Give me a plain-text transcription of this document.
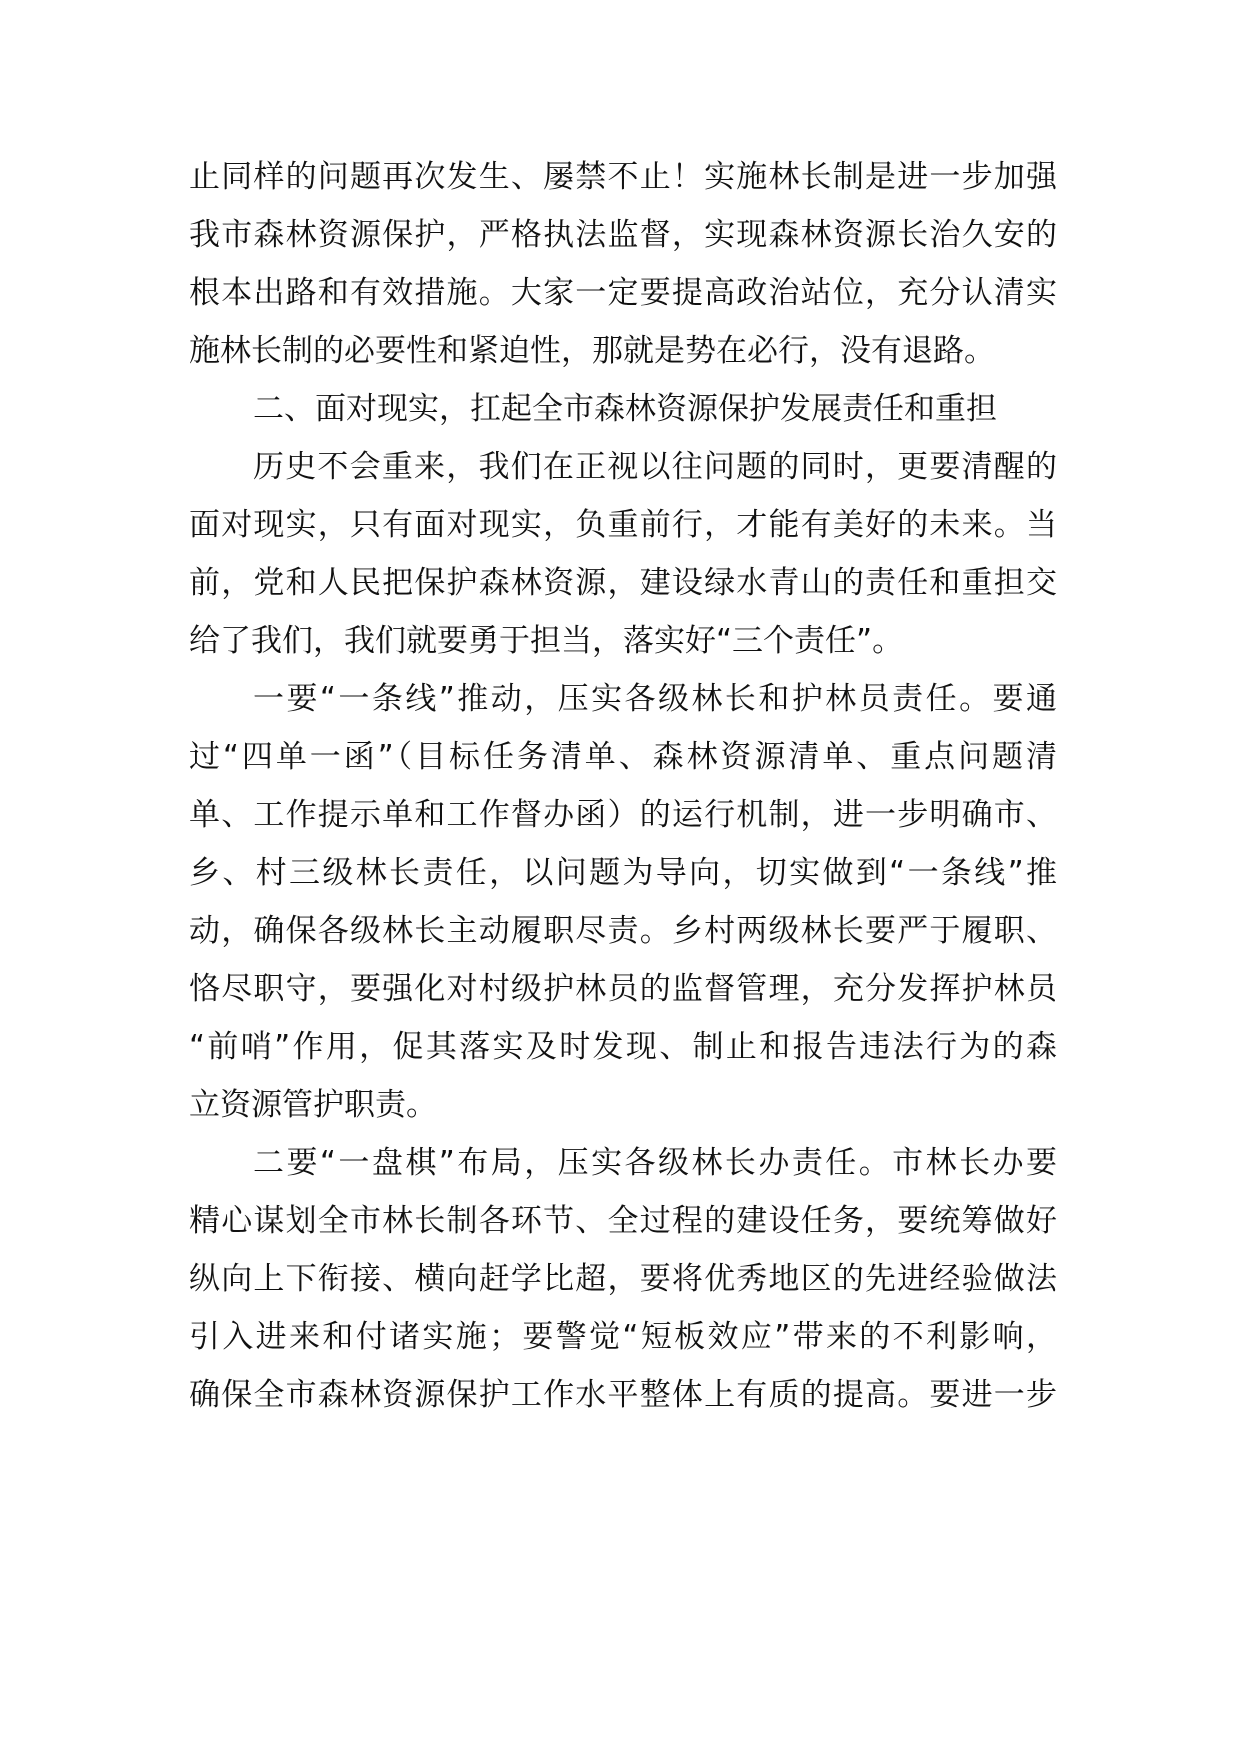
止同样的问题再次发生、屡禁不止！实施林长制是进一步加强
我市森林资源保护，严格执法监督，实现森林资源长治久安的
根本出路和有效措施。大家一定要提高政治站位，充分认清实
施林长制的必要性和紧迫性，那就是势在必行，没有退路。
二、面对现实，扛起全市森林资源保护发展责任和重担
历史不会重来，我们在正视以往问题的同时，更要清醒的
面对现实，只有面对现实，负重前行，才能有美好的未来。当
前，党和人民把保护森林资源，建设绿水青山的责任和重担交
给了我们，我们就要勇于担当，落实好“三个责任”。
一要“一条线”推动，压实各级林长和护林员责任。要通
过“四单一函”（目标任务清单、森林资源清单、重点问题清
单、工作提示单和工作督办函）的运行机制，进一步明确市、
乡、村三级林长责任，以问题为导向，切实做到“一条线”推
动，确保各级林长主动履职尽责。乡村两级林长要严于履职、
恪尽职守，要强化对村级护林员的监督管理，充分发挥护林员
“前哨”作用，促其落实及时发现、制止和报告违法行为的森
立资源管护职责。
二要“一盘棋”布局，压实各级林长办责任。市林长办要
精心谋划全市林长制各环节、全过程的建设任务，要统筹做好
纵向上下衔接、横向赶学比超，要将优秀地区的先进经验做法
引入进来和付诸实施；要警觉“短板效应”带来的不利影响，
确保全市森林资源保护工作水平整体上有质的提高。要进一步
